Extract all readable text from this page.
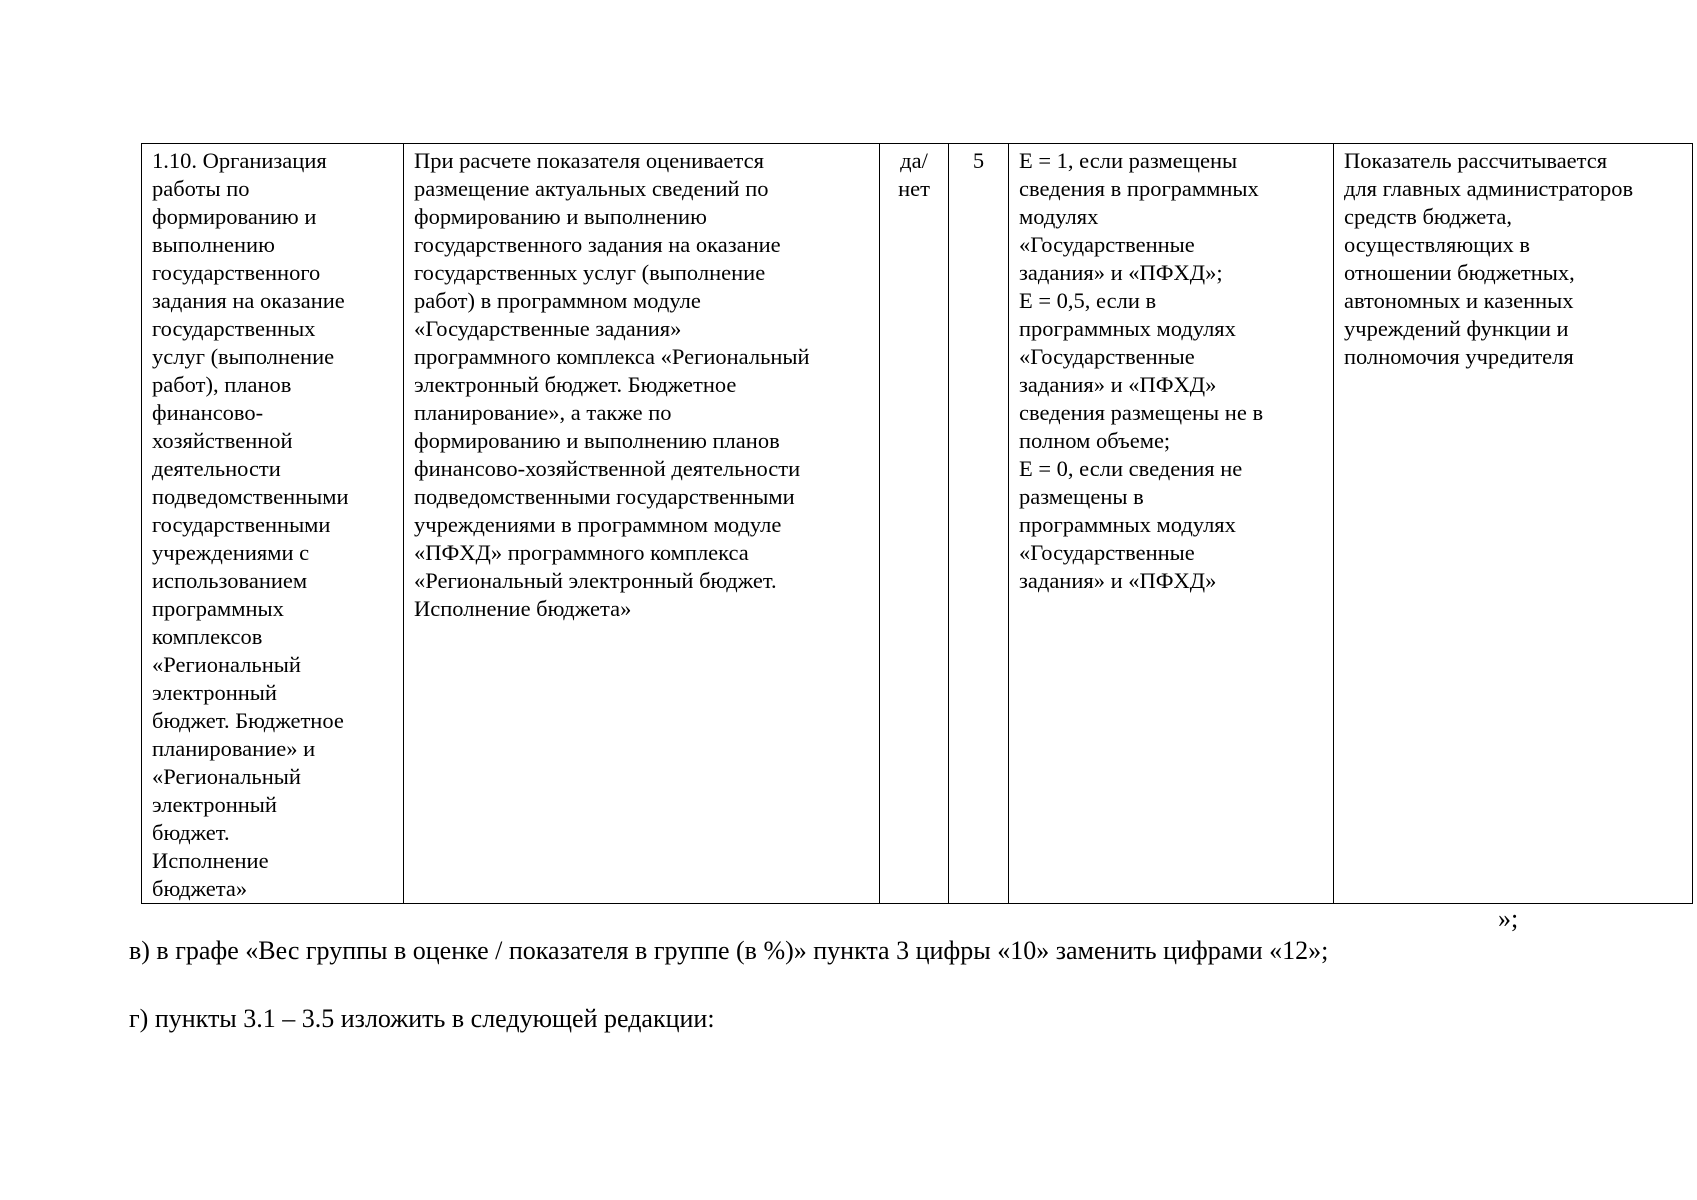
1.10. Организация
работы по
формированию и
выполнению
государственного
задания на оказание
государственных
услуг (выполнение
работ), планов
финансово-
хозяйственной
деятельности
подведомственными
государственными
учреждениями с
использованием
программных
комплексов
«Региональный
электронный
бюджет. Бюджетное
планирование» и
«Региональный
электронный
бюджет.
Исполнение
бюджета»	При расчете показателя оценивается
размещение актуальных сведений по
формированию и выполнению
государственного задания на оказание
государственных услуг (выполнение
работ) в программном модуле
«Государственные задания»
программного комплекса «Региональный
электронный бюджет. Бюджетное
планирование», а также по
формированию и выполнению планов
финансово-хозяйственной деятельности
подведомственными государственными
учреждениями в программном модуле
«ПФХД» программного комплекса
«Региональный электронный бюджет.
Исполнение бюджета»	да/
нет	5	E = 1, если размещены
сведения в программных
модулях
«Государственные
задания» и «ПФХД»;
E = 0,5, если в
программных модулях
«Государственные
задания» и «ПФХД»
сведения размещены не в
полном объеме;
E = 0, если сведения не
размещены в
программных модулях
«Государственные
задания» и «ПФХД»	Показатель рассчитывается
для главных администраторов
средств бюджета,
осуществляющих в
отношении бюджетных,
автономных и казенных
учреждений функции и
полномочия учредителя
»;
в) в графе «Вес группы в оценке / показателя в группе (в %)» пункта 3 цифры «10» заменить цифрами «12»;
г) пункты 3.1 – 3.5 изложить в следующей редакции:
